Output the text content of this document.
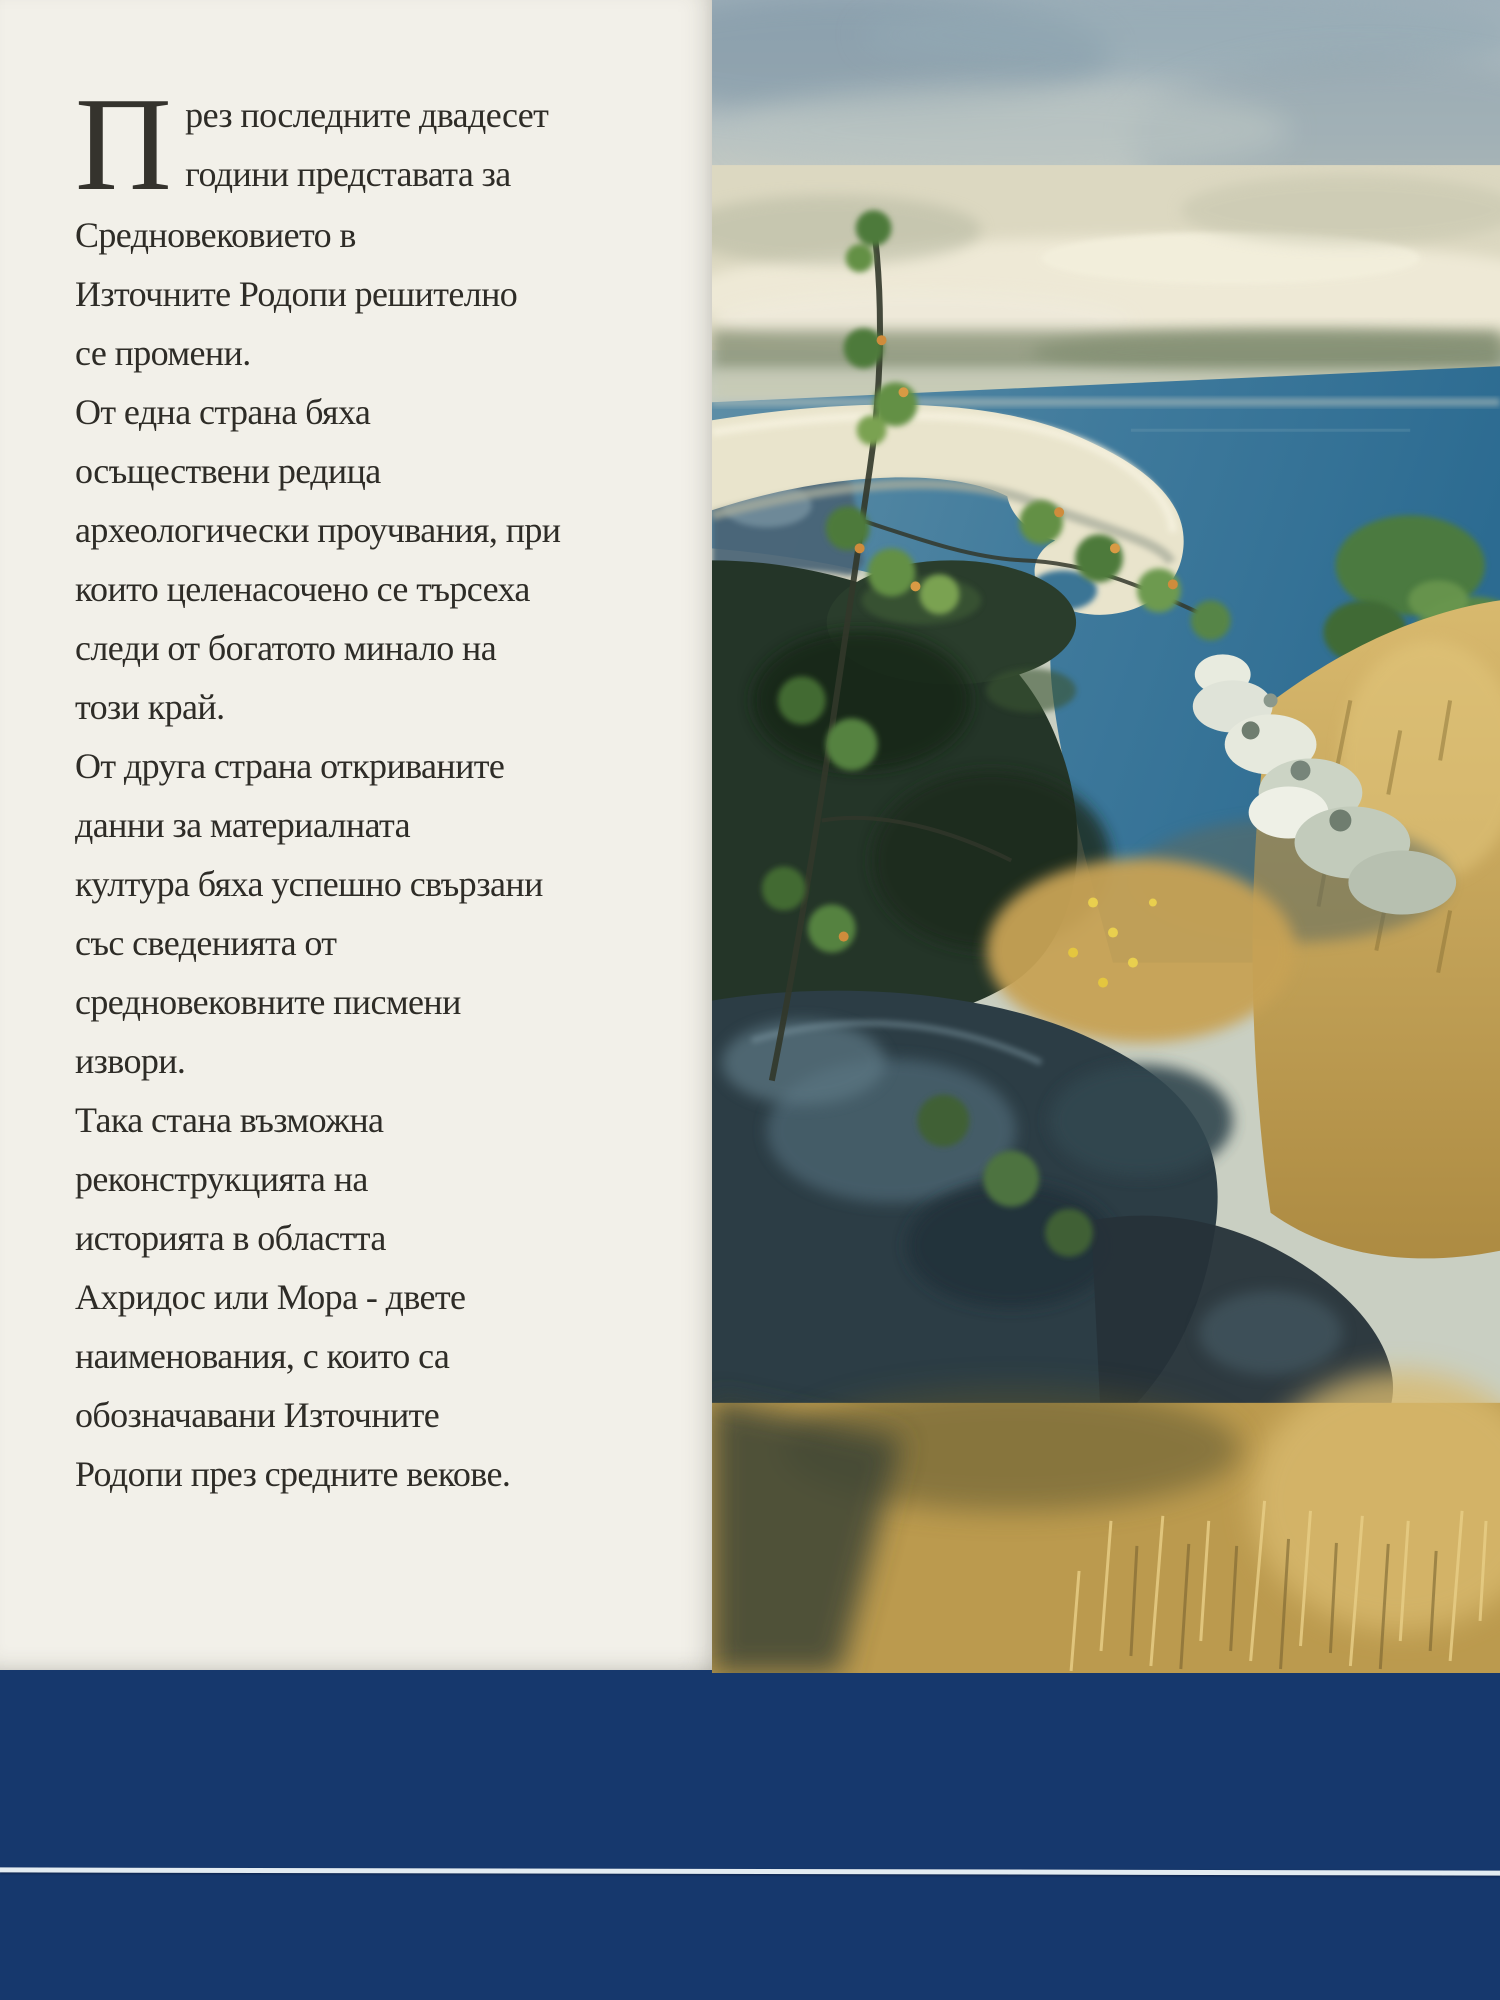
П рез последните двадесет
години представата за
Средновековието в
Източните Родопи решително
се промени.
От една страна бяха
осъществени редица
археологически проучвания, при
които целенасочено се търсеха
следи от богатото минало на
този край.
От друга страна откриваните
данни за материалната
култура бяха успешно свързани
със сведенията от
средновековните писмени
извори.
Така стана възможна
реконструкцията на
историята в областта
Ахридос или Мора - двете
наименования, с които са
обозначавани Източните
Родопи през средните векове.
